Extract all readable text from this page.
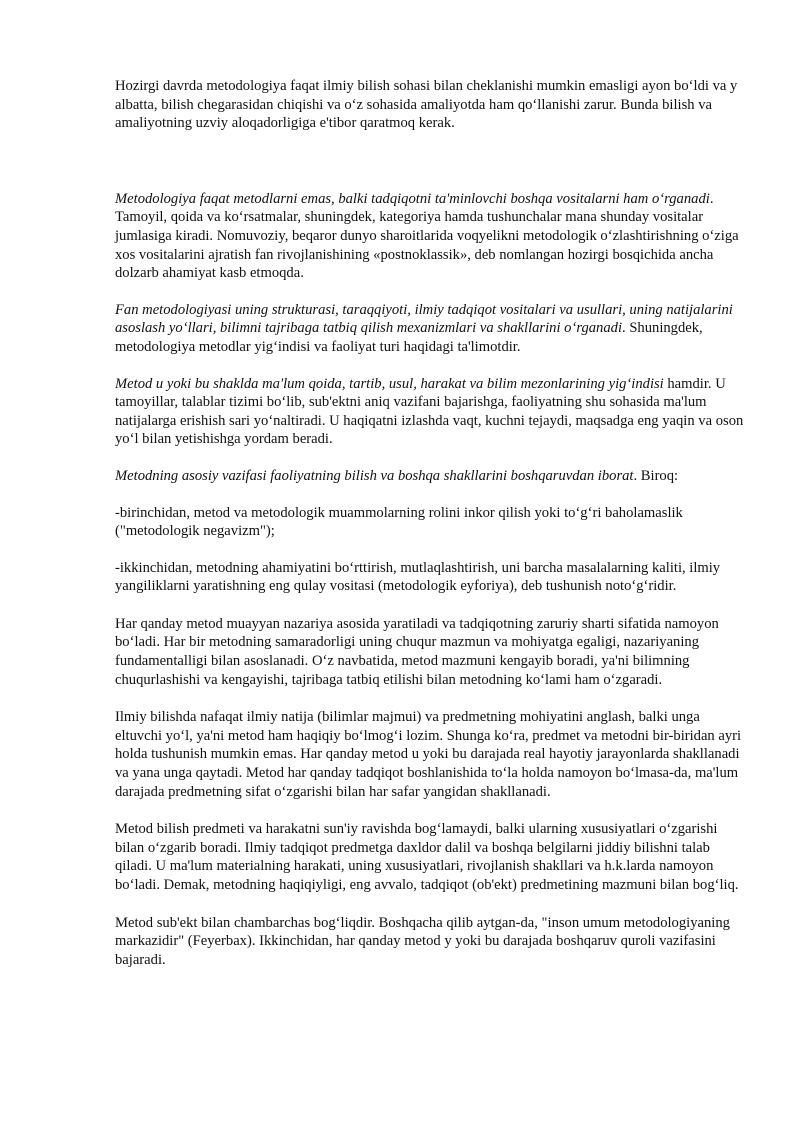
Hozirgi davrda metodologiya faqat ilmiy bilish sohasi bilan cheklanishi mumkin emasligi ayon bo‘ldi va y albatta, bilish chegarasidan chiqishi va o‘z sohasida amaliyotda ham qo‘llanishi zarur. Bunda bilish va amaliyotning uzviy aloqadorligiga e'tibor qaratmoq kerak.

Metodologiya faqat metodlarni emas, balki tadqiqotni ta'minlovchi boshqa vositalarni ham o‘rganadi. Tamoyil, qoida va ko‘rsatmalar, shuningdek, kategoriya hamda tushunchalar mana shunday vositalar jumlasiga kiradi. Nomuvoziy, beqaror dunyo sharoitlarida voqyelikni metodologik o‘zlashtirishning o‘ziga xos vositalarini ajratish fan rivojlanishining «postnoklassik», deb nomlangan hozirgi bosqichida ancha dolzarb ahamiyat kasb etmoqda.

Fan metodologiyasi uning strukturasi, taraqqiyoti, ilmiy tadqiqot vositalari va usullari, uning natijalarini asoslash yo‘llari, bilimni tajribaga tatbiq qilish mexanizmlari va shakllarini o‘rganadi. Shuningdek, metodologiya metodlar yig‘indisi va faoliyat turi haqidagi ta'limotdir.

Metod u yoki bu shaklda ma'lum qoida, tartib, usul, harakat va bilim mezonlarining yig‘indisi hamdir. U tamoyillar, talablar tizimi bo‘lib, sub'ektni aniq vazifani bajarishga, faoliyatning shu sohasida ma'lum natijalarga erishish sari yo‘naltiradi. U haqiqatni izlashda vaqt, kuchni tejaydi, maqsadga eng yaqin va oson yo‘l bilan yetishishga yordam beradi.

Metodning asosiy vazifasi faoliyatning bilish va boshqa shakllarini boshqaruvdan iborat. Biroq:

-birinchidan, metod va metodologik muammolarning rolini inkor qilish yoki to‘g‘ri baholamaslik ("metodologik negavizm");

-ikkinchidan, metodning ahamiyatini bo‘rttirish, mutlaqlashtirish, uni barcha masalalarning kaliti, ilmiy yangiliklarni yaratishning eng qulay vositasi (metodologik eyforiya), deb tushunish noto‘g‘ridir.

Har qanday metod muayyan nazariya asosida yaratiladi va tadqiqotning zaruriy sharti sifatida namoyon bo‘ladi. Har bir metodning samaradorligi uning chuqur mazmun va mohiyatga egaligi, nazariyaning fundamentalligi bilan asoslanadi. O‘z navbatida, metod mazmuni kengayib boradi, ya'ni bilimning chuqurlashishi va kengayishi, tajribaga tatbiq etilishi bilan metodning ko‘lami ham o‘zgaradi.

Ilmiy bilishda nafaqat ilmiy natija (bilimlar majmui) va predmetning mohiyatini anglash, balki unga eltuvchi yo‘l, ya'ni metod ham haqiqiy bo‘lmog‘i lozim. Shunga ko‘ra, predmet va metodni bir-biridan ayri holda tushunish mumkin emas. Har qanday metod u yoki bu darajada real hayotiy jarayonlarda shakllanadi va yana unga qaytadi. Metod har qanday tadqiqot boshlanishida to‘la holda namoyon bo‘lmasa-da, ma'lum darajada predmetning sifat o‘zgarishi bilan har safar yangidan shakllanadi.

Metod bilish predmeti va harakatni sun'iy ravishda bog‘lamaydi, balki ularning xususiyatlari o‘zgarishi bilan o‘zgarib boradi. Ilmiy tadqiqot predmetga daxldor dalil va boshqa belgilarni jiddiy bilishni talab qiladi. U ma'lum materialning harakati, uning xususiyatlari, rivojlanish shakllari va h.k.larda namoyon bo‘ladi. Demak, metodning haqiqiyligi, eng avvalo, tadqiqot (ob'ekt) predmetining mazmuni bilan bog‘liq.

Metod sub'ekt bilan chambarchas bog‘liqdir. Boshqacha qilib aytgan-da, "inson umum metodologiyaning markazidir" (Feyerbax). Ikkinchidan, har qanday metod y yoki bu darajada boshqaruv quroli vazifasini bajaradi.
